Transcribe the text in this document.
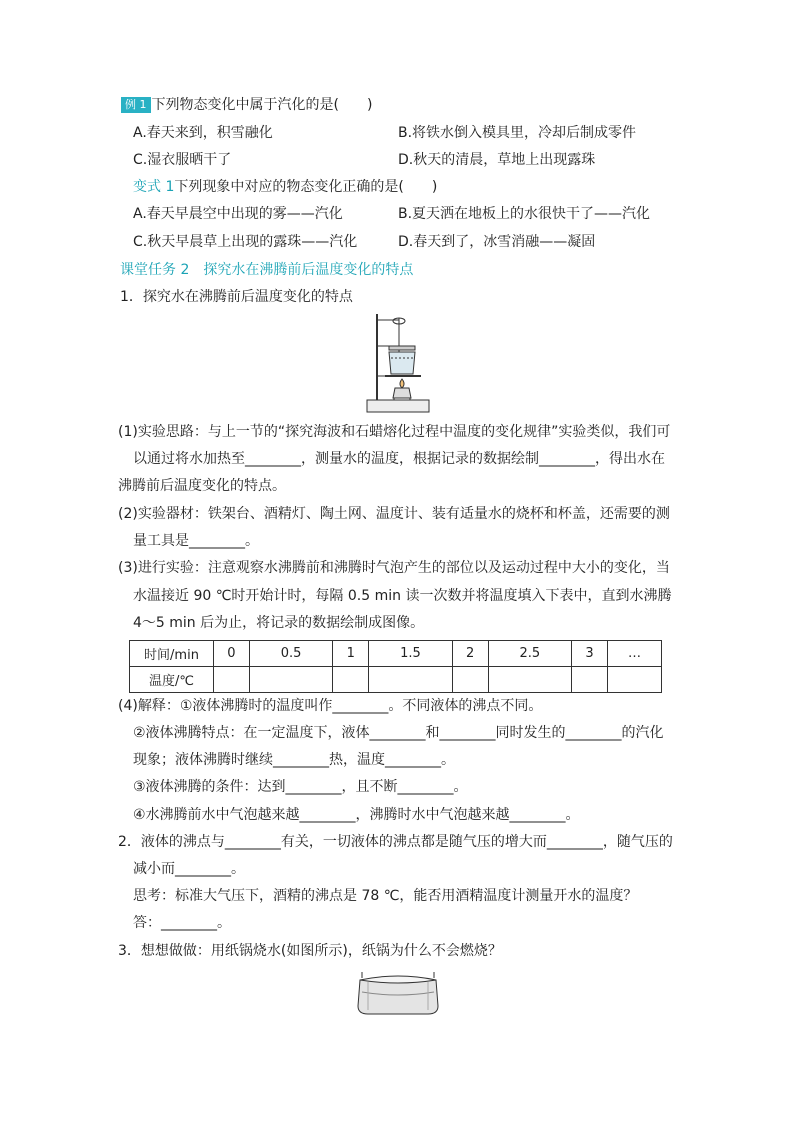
例 1 下列物态变化中属于汽化的是(　　)
A.春天来到，积雪融化	B.将铁水倒入模具里，冷却后制成零件
C.湿衣服晒干了	D.秋天的清晨，草地上出现露珠
变式 1下列现象中对应的物态变化正确的是(　　)
A.春天早晨空中出现的雾——汽化	B.夏天洒在地板上的水很快干了——汽化
C.秋天早晨草上出现的露珠——汽化	D.春天到了，冰雪消融——凝固
课堂任务 2　探究水在沸腾前后温度变化的特点
1．探究水在沸腾前后温度变化的特点
(1)实验思路：与上一节的“探究海波和石蜡熔化过程中温度的变化规律”实验类似，我们可
以通过将水加热至________，测量水的温度，根据记录的数据绘制________，得出水在
沸腾前后温度变化的特点。
(2)实验器材：铁架台、酒精灯、陶土网、温度计、装有适量水的烧杯和杯盖，还需要的测
量工具是________。
(3)进行实验：注意观察水沸腾前和沸腾时气泡产生的部位以及运动过程中大小的变化，当
水温接近 90 ℃时开始计时，每隔 0.5 min 读一次数并将温度填入下表中，直到水沸腾
4～5 min 后为止，将记录的数据绘制成图像。
时间/min	0	0.5	1	1.5	2	2.5	3	…
温度/℃								
(4)解释：①液体沸腾时的温度叫作________。不同液体的沸点不同。
②液体沸腾特点：在一定温度下，液体________和________同时发生的________的汽化
现象；液体沸腾时继续________热，温度________。
③液体沸腾的条件：达到________，且不断________。
④水沸腾前水中气泡越来越________，沸腾时水中气泡越来越________。
2．液体的沸点与________有关，一切液体的沸点都是随气压的增大而________，随气压的
减小而________。
思考：标准大气压下，酒精的沸点是 78 ℃，能否用酒精温度计测量开水的温度？
答：________。
3．想想做做：用纸锅烧水(如图所示)，纸锅为什么不会燃烧？
